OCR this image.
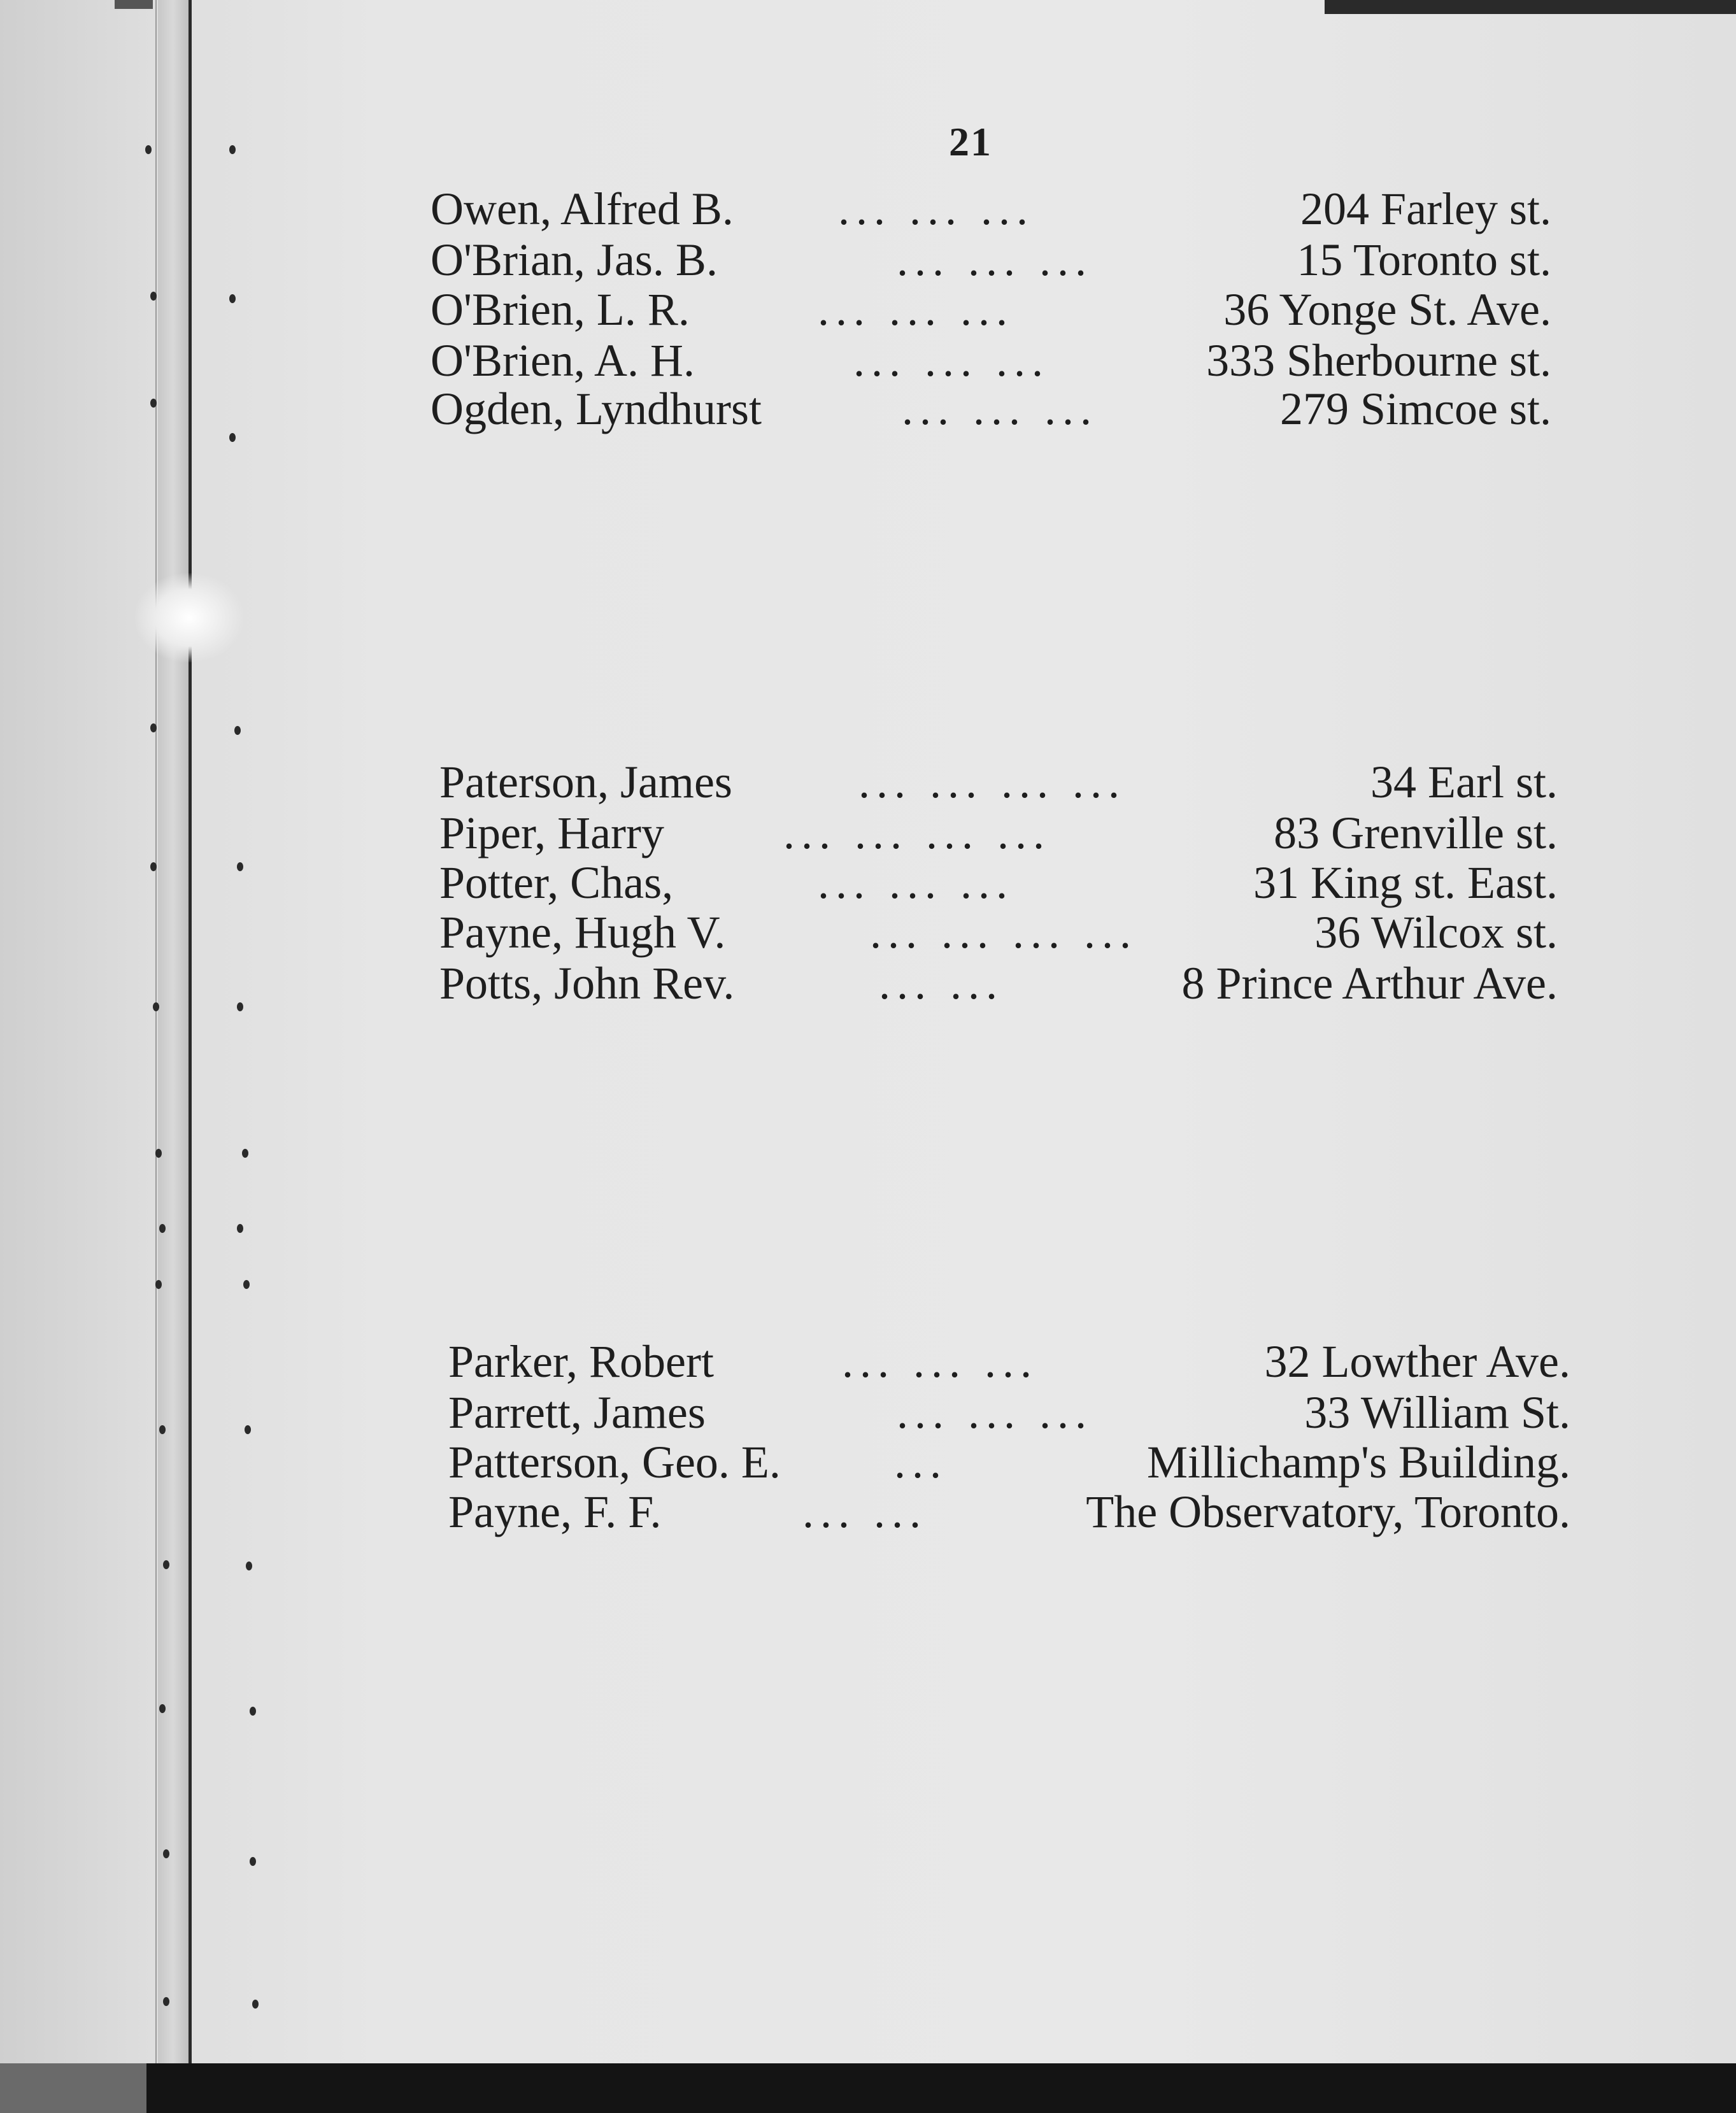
21
Owen, Alfred B. ... ... ...	204 Farley st.
O'Brian, Jas. B.	... ... ...	15 Toronto st.
O'Brien, L. R.	... ... ...	36 Yonge St. Ave.
O'Brien, A. H.	... ... ...	333 Sherbourne st.
Ogden, Lyndhurst	... ... ...	279 Simcoe st.
Paterson, James	... ... ... ...	34 Earl st.
Piper, Harry	... ... ... ...	83 Grenville st.
Potter, Chas,	... ... ...	31 King st. East.
Payne, Hugh V.	... ... ... ...	36 Wilcox st.
Potts, John Rev.	... ...	8 Prince Arthur Ave.
Parker, Robert	... ... ...	32 Lowther Ave.
Parrett, James	... ... ...	33 William St.
Patterson, Geo. E. ...	Millichamp's Building.
Payne, F. F.	... ...	The Observatory, Toronto.
